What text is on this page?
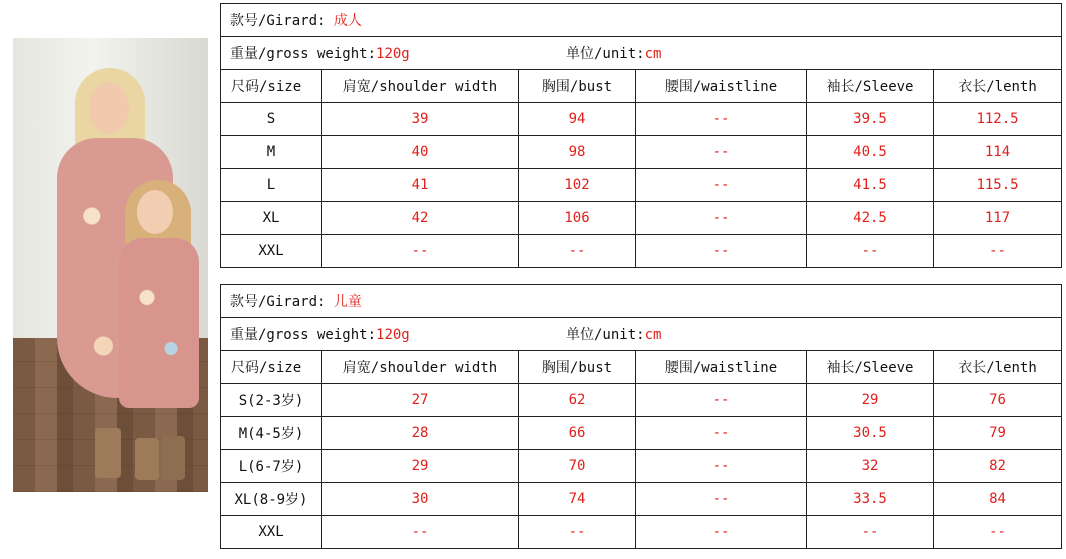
款号/Girard: 成人					
重量/gross weight:120g 单位/unit:cm					
尺码/size	肩宽/shoulder width	胸围/bust	腰围/waistline	袖长/Sleeve	衣长/lenth
S	39	94	--	39.5	112.5
M	40	98	--	40.5	114
L	41	102	--	41.5	115.5
XL	42	106	--	42.5	117
XXL	--	--	--	--	--
款号/Girard: 儿童					
重量/gross weight:120g 单位/unit:cm					
尺码/size	肩宽/shoulder width	胸围/bust	腰围/waistline	袖长/Sleeve	衣长/lenth
S(2-3岁)	27	62	--	29	76
M(4-5岁)	28	66	--	30.5	79
L(6-7岁)	29	70	--	32	82
XL(8-9岁)	30	74	--	33.5	84
XXL	--	--	--	--	--
